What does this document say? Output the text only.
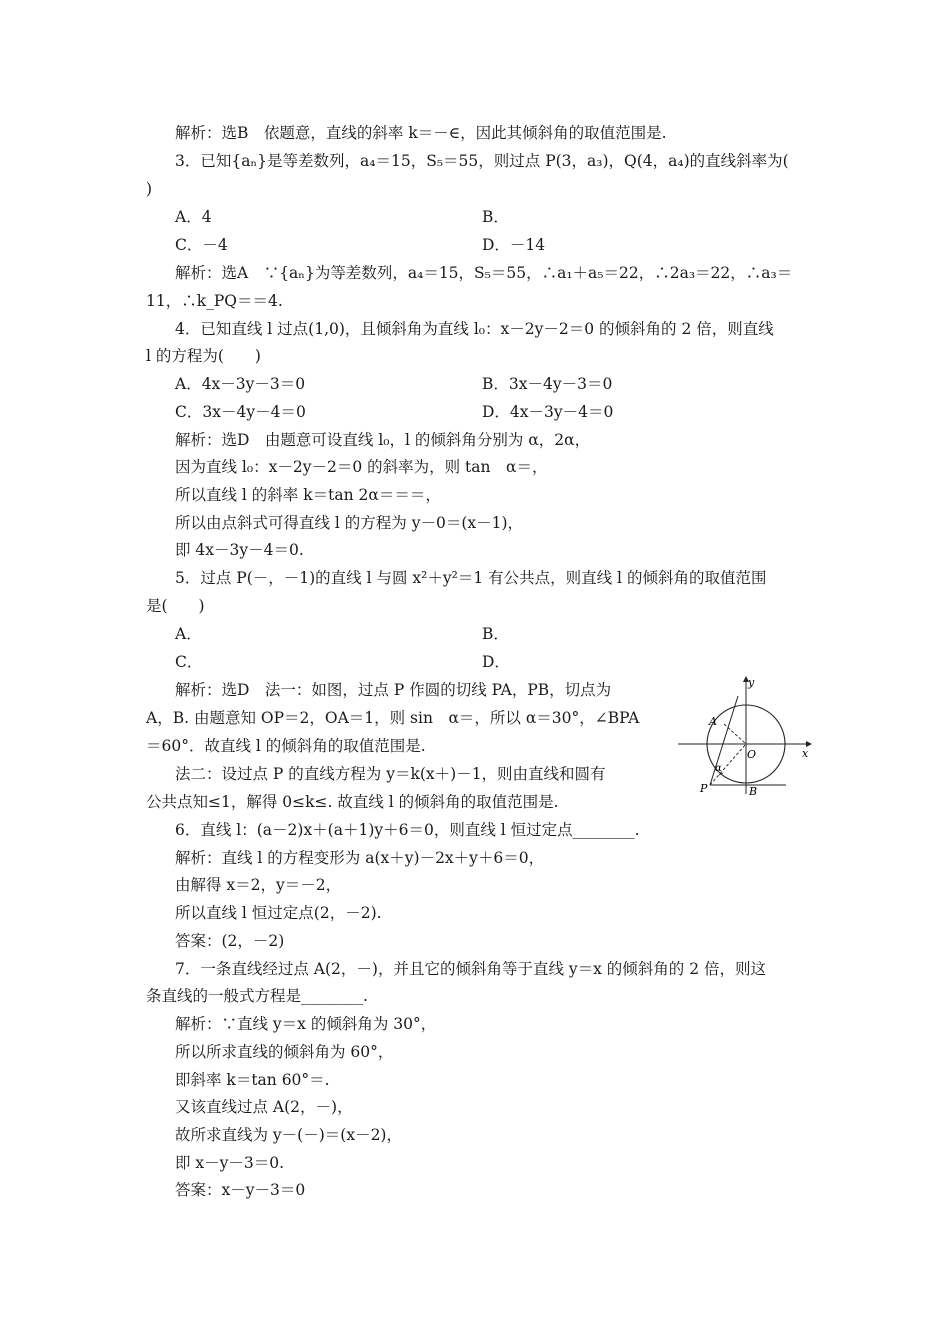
解析：选B　依题意，直线的斜率 k＝－∈，因此其倾斜角的取值范围是.
3．已知{aₙ}是等差数列，a₄＝15，S₅＝55，则过点 P(3，a₃)，Q(4，a₄)的直线斜率为(
)
A．4	B．
C．－4	D．－14
解析：选A　∵{aₙ}为等差数列，a₄＝15，S₅＝55，∴a₁＋a₅＝22，∴2a₃＝22，∴a₃＝
11，∴k_PQ＝＝4.
4．已知直线 l 过点(1,0)，且倾斜角为直线 l₀：x－2y－2＝0 的倾斜角的 2 倍，则直线
l 的方程为(　　)
A．4x－3y－3＝0	B．3x－4y－3＝0
C．3x－4y－4＝0	D．4x－3y－4＝0
解析：选D　由题意可设直线 l₀，l 的倾斜角分别为 α，2α，
因为直线 l₀：x－2y－2＝0 的斜率为，则 tan　α＝，
所以直线 l 的斜率 k＝tan 2α＝＝＝，
所以由点斜式可得直线 l 的方程为 y－0＝(x－1)，
即 4x－3y－4＝0.
5．过点 P(－，－1)的直线 l 与圆 x²＋y²＝1 有公共点，则直线 l 的倾斜角的取值范围
是(　　)
A．	B．
C．	D．
解析：选D　法一：如图，过点 P 作圆的切线 PA，PB，切点为
A，B. 由题意知 OP＝2，OA＝1，则 sin　α＝，所以 α＝30°，∠BPA
＝60°．故直线 l 的倾斜角的取值范围是.
法二：设过点 P 的直线方程为 y＝k(x＋)－1，则由直线和圆有
公共点知≤1，解得 0≤k≤. 故直线 l 的倾斜角的取值范围是.
y
x
A
O
α
P	B
6．直线 l：(a－2)x＋(a＋1)y＋6＝0，则直线 l 恒过定点________.
解析：直线 l 的方程变形为 a(x＋y)－2x＋y＋6＝0，
由解得 x＝2，y＝－2，
所以直线 l 恒过定点(2，－2).
答案：(2，－2)
7．一条直线经过点 A(2，－)，并且它的倾斜角等于直线 y＝x 的倾斜角的 2 倍，则这
条直线的一般式方程是________.
解析：∵直线 y＝x 的倾斜角为 30°，
所以所求直线的倾斜角为 60°，
即斜率 k＝tan 60°＝.
又该直线过点 A(2，－)，
故所求直线为 y－(－)＝(x－2)，
即 x－y－3＝0.
答案：x－y－3＝0
